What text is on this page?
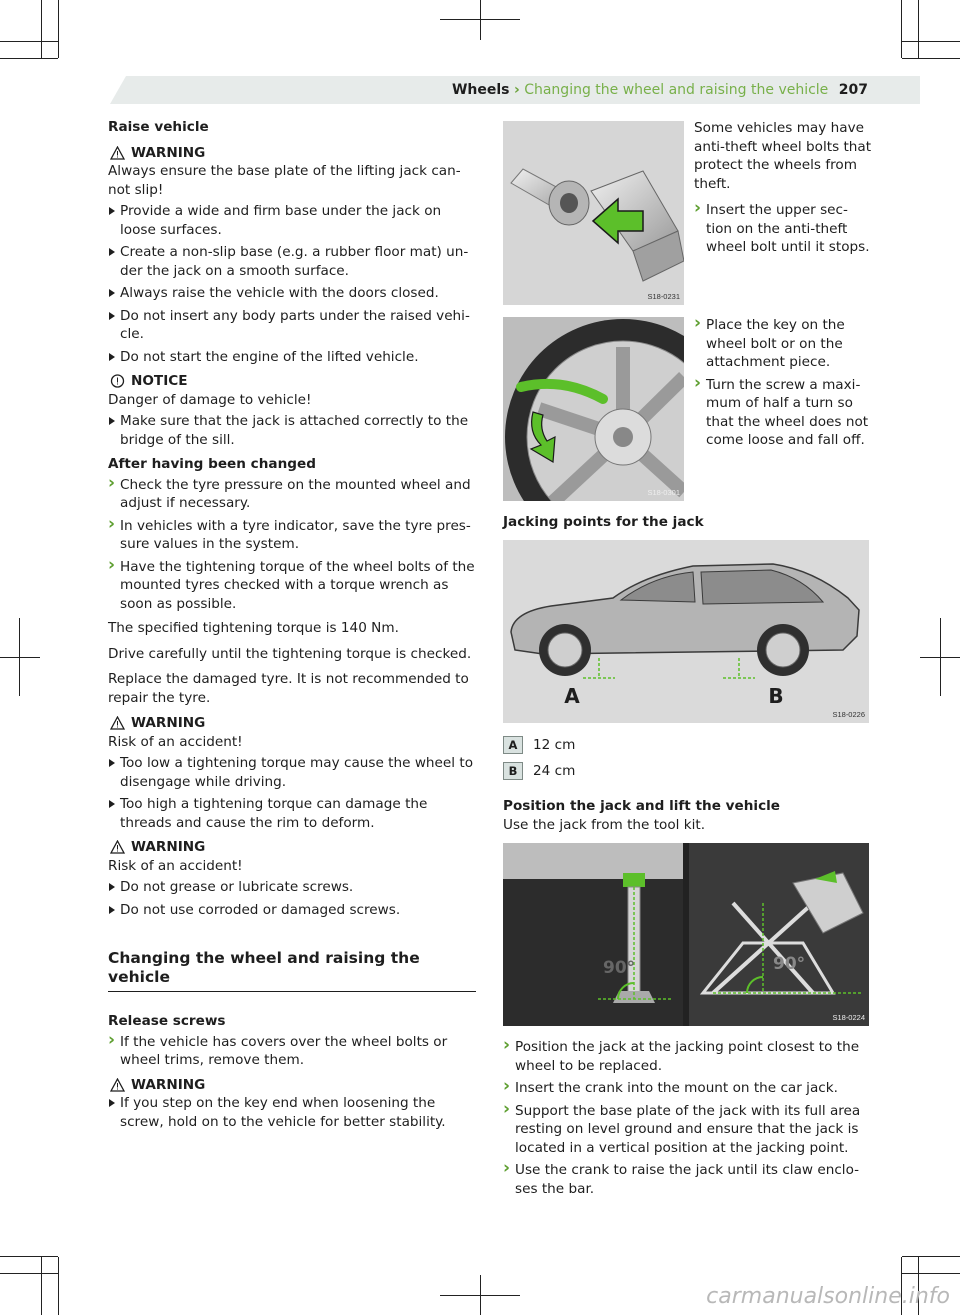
Wheels › Changing the wheel and raising the vehicle 207

Raise vehicle

WARNING

Always ensure the base plate of the lifting jack can-not slip!

Provide a wide and firm base under the jack on loose surfaces.
Create a non-slip base (e.g. a rubber floor mat) un-der the jack on a smooth surface.
Always raise the vehicle with the doors closed.
Do not insert any body parts under the raised vehi-cle.
Do not start the engine of the lifted vehicle.
NOTICE

Danger of damage to vehicle!

Make sure that the jack is attached correctly to the bridge of the sill.

After having been changed

› Check the tyre pressure on the mounted wheel and adjust if necessary.
› In vehicles with a tyre indicator, save the tyre pres-sure values in the system.
› Have the tightening torque of the wheel bolts of the mounted tyres checked with a torque wrench as soon as possible.

The specified tightening torque is 140 Nm.

Drive carefully until the tightening torque is checked.

Replace the damaged tyre. It is not recommended to repair the tyre.

WARNING

Risk of an accident!

Too low a tightening torque may cause the wheel to disengage while driving.
Too high a tightening torque can damage the threads and cause the rim to deform.
WARNING

Risk of an accident!

Do not grease or lubricate screws.
Do not use corroded or damaged screws.
Changing the wheel and raising the vehicle

Release screws

› If the vehicle has covers over the wheel bolts or wheel trims, remove them.
WARNING
If you step on the key end when loosening the screw, hold on to the vehicle for better stability.
S18-0231

Some vehicles may have anti-theft wheel bolts that protect the wheels from theft.

› Insert the upper sec-tion on the anti-theft wheel bolt until it stops.
S18-0301
› Place the key on the wheel bolt or on the attachment piece.
› Turn the screw a maxi-mum of half a turn so that the wheel does not come loose and fall off.
Jacking points for the jack
A	B
S18-0226
A 12 cm
B 24 cm

Position the jack and lift the vehicle

Use the jack from the tool kit.

90°	90°
S18-0224
› Position the jack at the jacking point closest to the wheel to be replaced.
› Insert the crank into the mount on the car jack.
› Support the base plate of the jack with its full area resting on level ground and ensure that the jack is located in a vertical position at the jacking point.
› Use the crank to raise the jack until its claw enclo-ses the bar.
carmanualsonline.info
